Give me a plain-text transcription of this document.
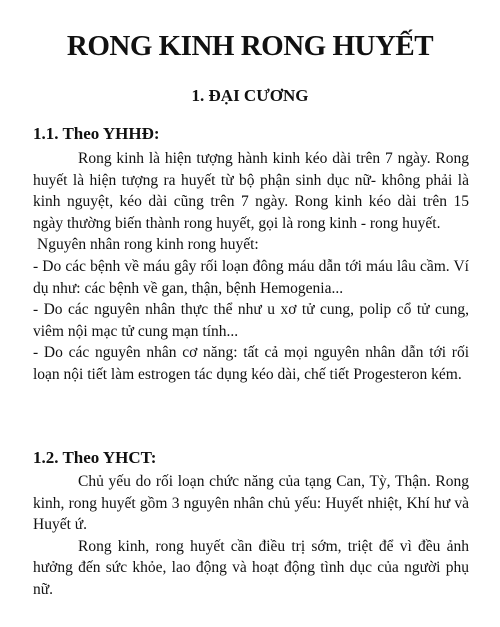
RONG KINH RONG HUYẾT
1. ĐẠI CƯƠNG
1.1. Theo YHHĐ:

Rong kinh là hiện tượng hành kinh kéo dài trên 7 ngày. Rong huyết là hiện tượng ra huyết từ bộ phận sinh dục nữ- không phải là kinh nguyệt, kéo dài cũng trên 7 ngày. Rong kinh kéo dài trên 15 ngày thường biến thành rong huyết, gọi là rong kinh - rong huyết.

Nguyên nhân rong kinh rong huyết:

- Do các bệnh về máu gây rối loạn đông máu dẫn tới máu lâu cầm. Ví dụ như: các bệnh về gan, thận, bệnh Hemogenia...

- Do các nguyên nhân thực thể như u xơ tử cung, polip cổ tử cung, viêm nội mạc tử cung mạn tính...

- Do các nguyên nhân cơ năng: tất cả mọi nguyên nhân dẫn tới rối loạn nội tiết làm estrogen tác dụng kéo dài, chế tiết Progesteron kém.

1.2. Theo YHCT:

Chủ yếu do rối loạn chức năng của tạng Can, Tỳ, Thận. Rong kinh, rong huyết gồm 3 nguyên nhân chủ yếu: Huyết nhiệt, Khí hư và Huyết ứ.

Rong kinh, rong huyết cần điều trị sớm, triệt để vì đều ảnh hưởng đến sức khỏe, lao động và hoạt động tình dục của người phụ nữ.
